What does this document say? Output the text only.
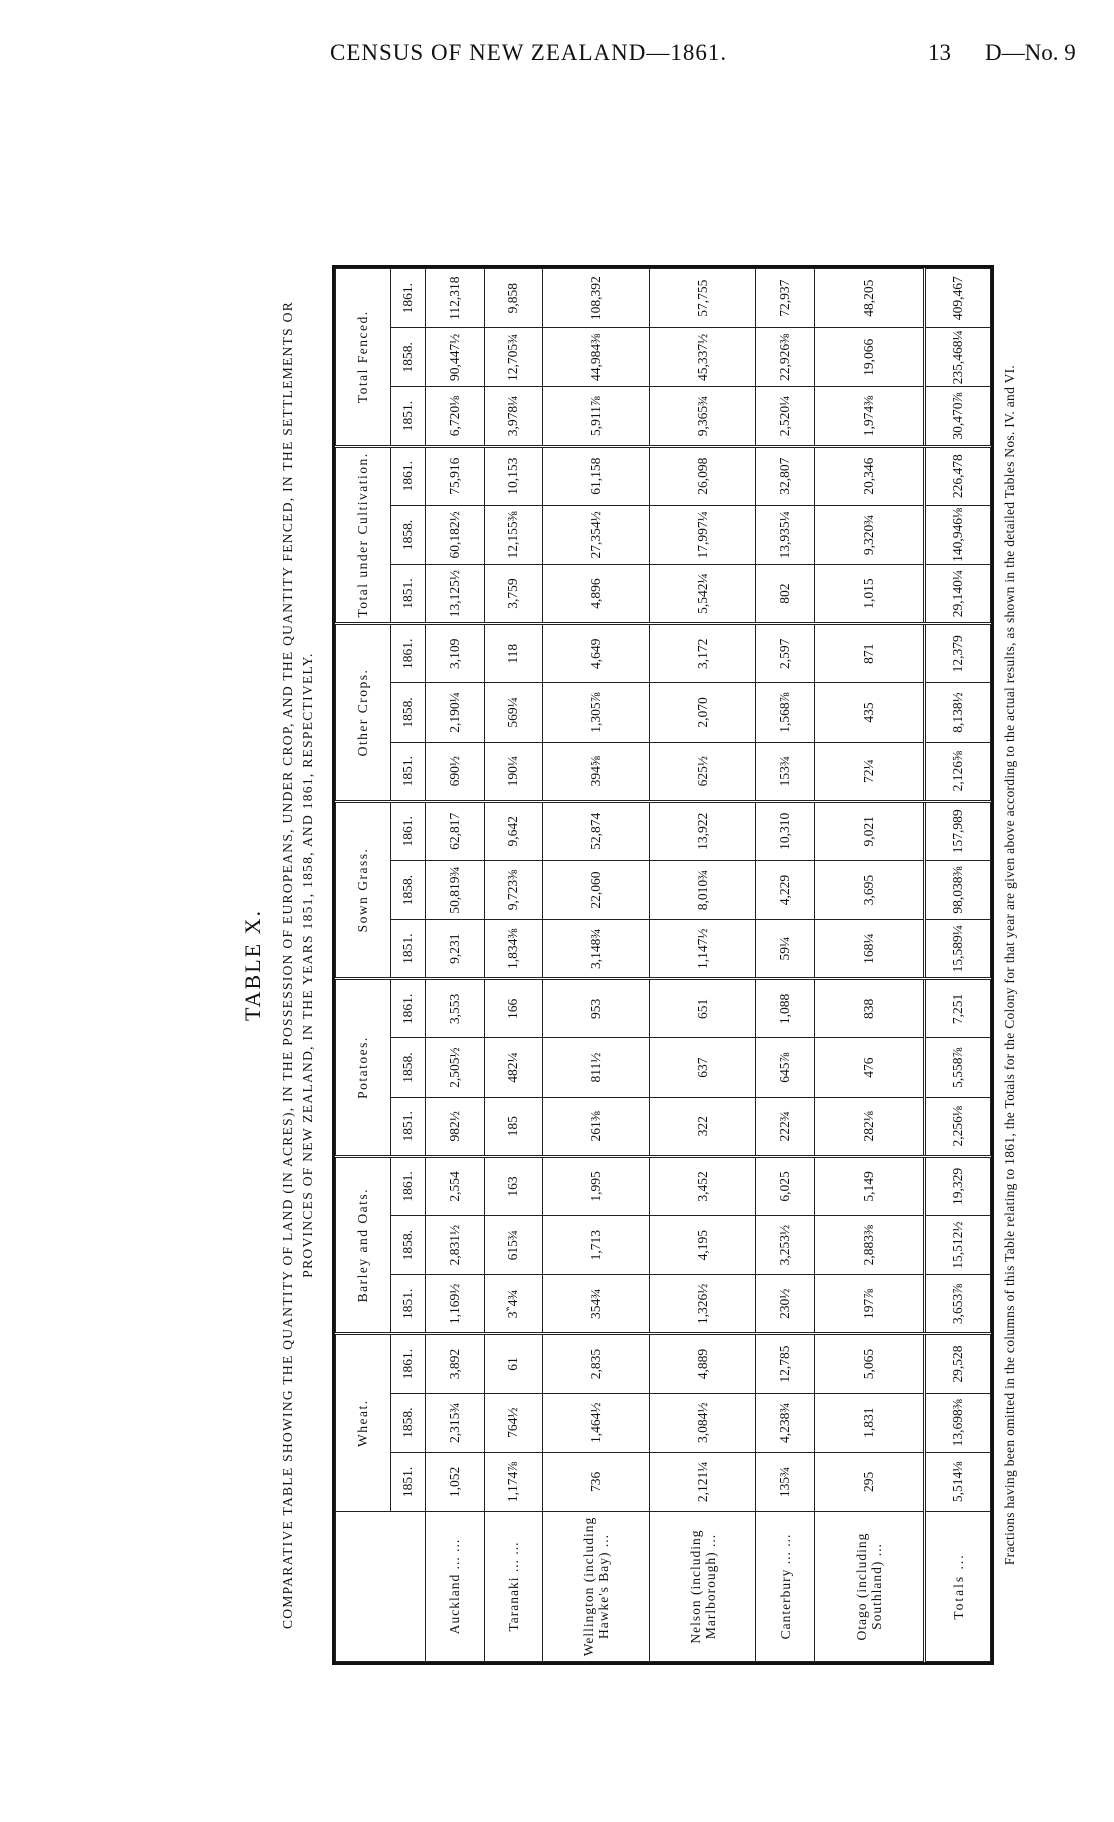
CENSUS OF NEW ZEALAND—1861.	13 D—No. 9
TABLE X. COMPARATIVE TABLE SHOWING THE QUANTITY OF LAND (IN ACRES), IN THE POSSESSION OF EUROPEANS, UNDER CROP, AND THE QUANTITY FENCED, IN THE SETTLEMENTS OR PROVINCES OF NEW ZEALAND, IN THE YEARS 1851, 1858, AND 1861, RESPECTIVELY.
	Wheat.			Barley and Oats.			Potatoes.			Sown Grass.			Other Crops.			Total under Cultivation.			Total Fenced.		
	1851.	1858.	1861.	1851.	1858.	1861.	1851.	1858.	1861.	1851.	1858.	1861.	1851.	1858.	1861.	1851.	1858.	1861.	1851.	1858.	1861.
Auckland ... ...	1,052	2,315¾	3,892	1,169½	2,831½	2,554	982½	2,505½	3,553	9,231	50,819¾	62,817	690½	2,190¼	3,109	13,125½	60,182½	75,916	6,720⅛	90,447½	112,318
Taranaki ... ...	1,174⅞	764½	61	3‶4¾	615¾	163	185	482¼	166	1,834⅜	9,723⅜	9,642	190¼	569¼	118	3,759	12,155⅜	10,153	3,978¼	12,705¾	9,858
Wellington (including Hawke's Bay) ...	736	1,464½	2,835	354¾	1,713	1,995	261⅜	811½	953	3,148¾	22,060	52,874	394⅝	1,305⅞	4,649	4,896	27,354½	61,158	5,911⅞	44,984⅜	108,392
Nelson (including Marlborough) ...	2,121¼	3,084½	4,889	1,326½	4,195	3,452	322	637	651	1,147½	8,010¾	13,922	625½	2,070	3,172	5,542¼	17,997¼	26,098	9,365¾	45,337½	57,755
Canterbury ... ...	135¾	4,238¾	12,785	230½	3,253½	6,025	222¾	645⅞	1,088	59¼	4,229	10,310	153¾	1,568⅞	2,597	802	13,935¼	32,807	2,520¼	22,926⅜	72,937
Otago (including Southland) ...	295	1,831	5,065	197⅞	2,883⅜	5,149	282⅛	476	838	168¼	3,695	9,021	72¼	435	871	1,015	9,320¾	20,346	1,974⅜	19,066	48,205
Totals ...	5,514⅛	13,698⅜	29,528	3,653⅞	15,512½	19,329	2,256⅛	5,558⅞	7,251	15,589¼	98,038⅜	157,989	2,126⅝	8,138½	12,379	29,140¼	140,946⅛	226,478	30,470⅞	235,468¼	409,467
Fractions having been omitted in the columns of this Table relating to 1861, the Totals for the Colony for that year are given above according to the actual results, as shown in the detailed Tables Nos. IV. and VI.
